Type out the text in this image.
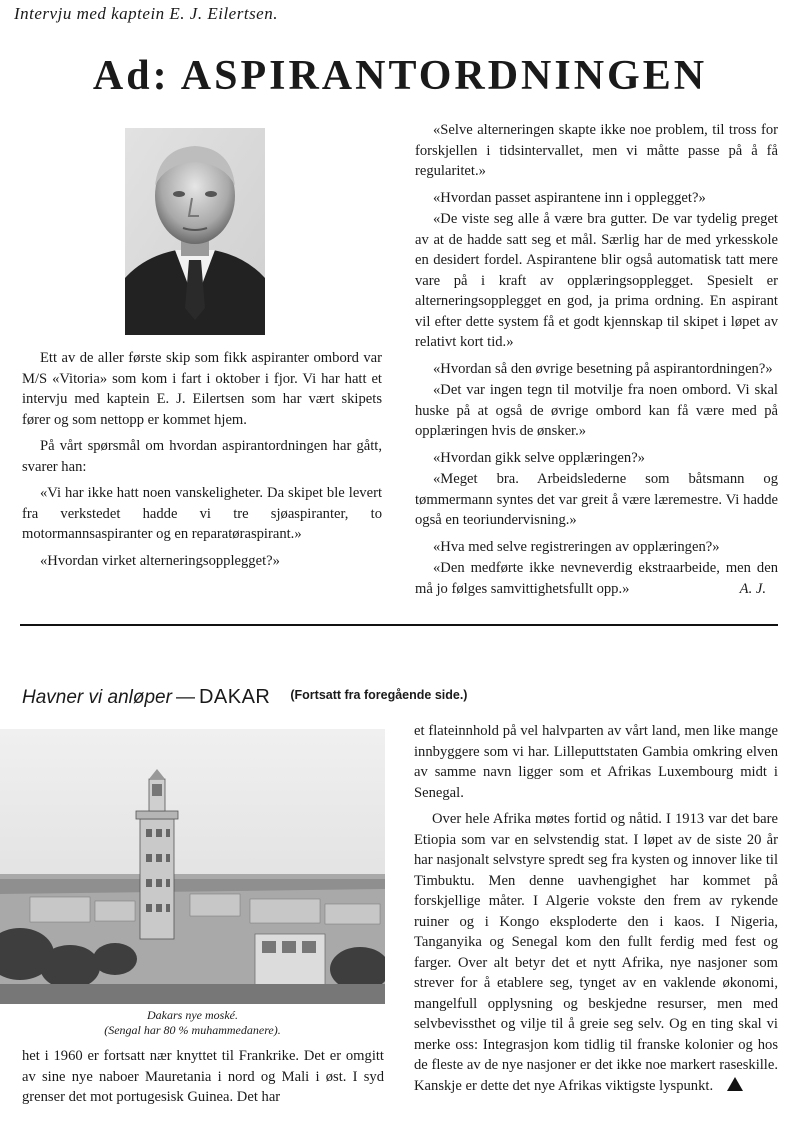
Intervju med kaptein E. J. Eilertsen.
Ad: ASPIRANTORDNINGEN

Ett av de aller første skip som fikk aspiranter ombord var M/S «Vitoria» som kom i fart i oktober i fjor. Vi har hatt et intervju med kaptein E. J. Eilertsen som har vært skipets fører og som nettopp er kommet hjem.

På vårt spørsmål om hvordan aspirantordningen har gått, svarer han:

«Vi har ikke hatt noen vanskeligheter. Da skipet ble levert fra verkstedet hadde vi tre sjøaspiranter, to motormannsaspiranter og en reparatøraspirant.»

«Hvordan virket alterneringsopplegget?»

«Selve alterneringen skapte ikke noe problem, til tross for forskjellen i tidsintervallet, men vi måtte passe på å få regularitet.»

«Hvordan passet aspirantene inn i opplegget?»

«De viste seg alle å være bra gutter. De var tydelig preget av at de hadde satt seg et mål. Særlig har de med yrkesskole en desidert fordel. Aspirantene blir også automatisk tatt mere vare på i kraft av opplæringsopplegget. Spesielt er alterneringsopplegget en god, ja prima ordning. En aspirant vil efter dette system få et godt kjennskap til skipet i løpet av relativt kort tid.»

«Hvordan så den øvrige besetning på aspirantordningen?»

«Det var ingen tegn til motvilje fra noen ombord. Vi skal huske på at også de øvrige ombord kan få være med på opplæringen hvis de ønsker.»

«Hvordan gikk selve opplæringen?»

«Meget bra. Arbeidslederne som båtsmann og tømmermann syntes det var greit å være læremestre. Vi hadde også en teoriundervisning.»

«Hva med selve registreringen av opplæringen?»

«Den medførte ikke nevneverdig ekstraarbeide, men den må jo følges samvittighetsfullt opp.»	A. J.

Havner vi anløper — DAKAR $^{(Fortsatt fra foregående side.)}$
Dakars nye moské.
(Sengal har 80 % muhammedanere).

het i 1960 er fortsatt nær knyttet til Frankrike. Det er omgitt av sine nye naboer Mauretania i nord og Mali i øst. I syd grenser det mot portugesisk Guinea. Det har

et flateinnhold på vel halvparten av vårt land, men like mange innbyggere som vi har. Lilleputtstaten Gambia omkring elven av samme navn ligger som et Afrikas Luxembourg midt i Senegal.

Over hele Afrika møtes fortid og nåtid. I 1913 var det bare Etiopia som var en selvstendig stat. I løpet av de siste 20 år har nasjonalt selvstyre spredt seg fra kysten og innover like til Timbuktu. Men denne uavhengighet har kommet på forskjellige måter. I Algerie vokste den frem av rykende ruiner og i Kongo eksploderte den i kaos. I Nigeria, Tanganyika og Senegal kom den fullt ferdig med fest og farger. Over alt betyr det et nytt Afrika, nye nasjoner som strever for å etablere seg, tynget av en vaklende økonomi, mangelfull opplysning og beskjedne resurser, men med selvbevissthet og vilje til å greie seg selv. Og en ting skal vi merke oss: Integrasjon kom tidlig til franske kolonier og hos de fleste av de nye nasjoner er det ikke noe markert raseskille. Kanskje er dette det nye Afrikas viktigste lyspunkt.
